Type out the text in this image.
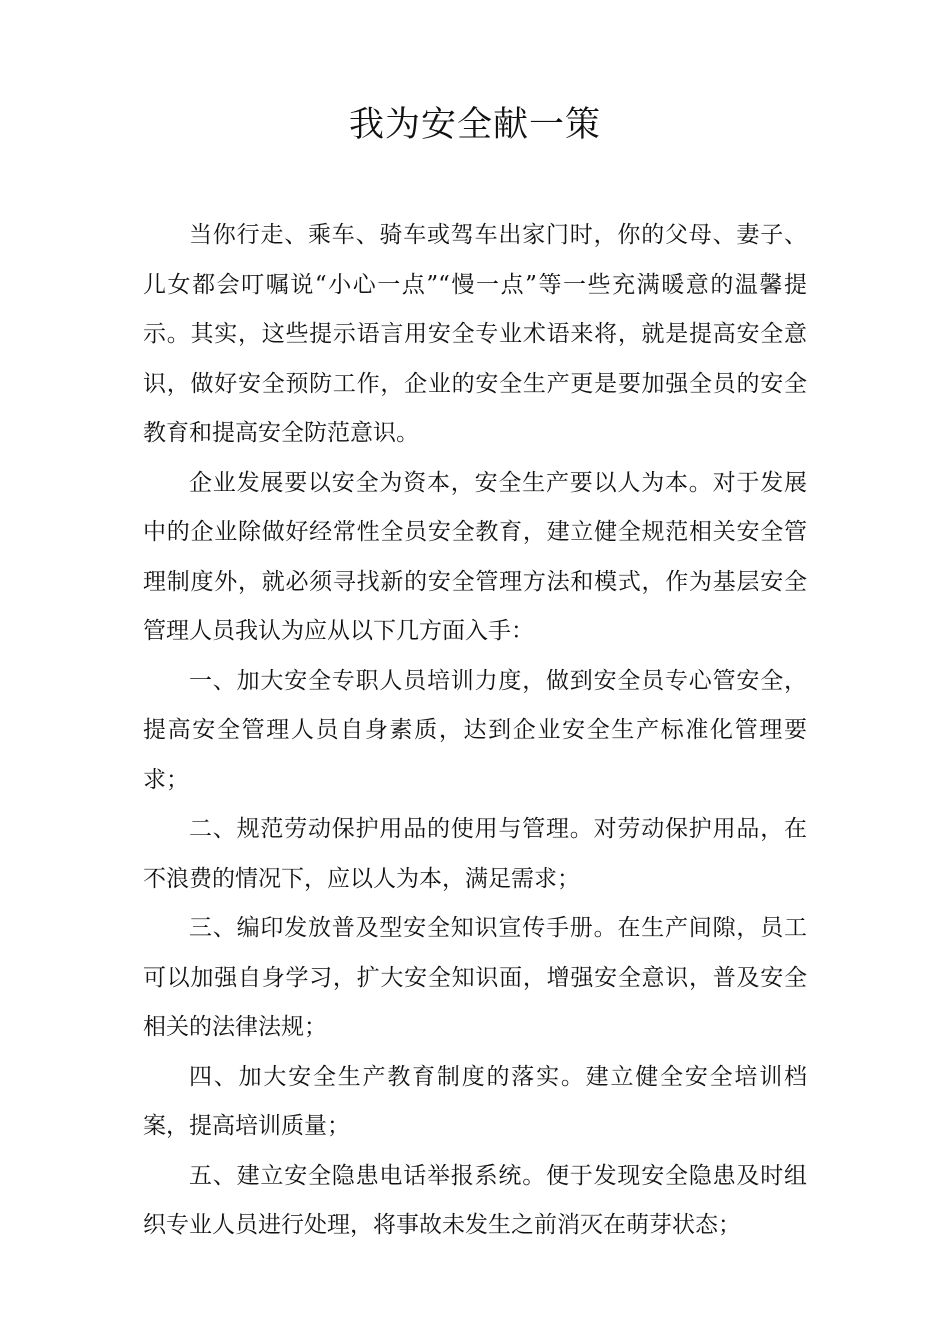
我为安全献一策

当你行走、乘车、骑车或驾车出家门时，你的父母、妻子、儿女都会叮嘱说“小心一点”“慢一点”等一些充满暖意的温馨提示。其实，这些提示语言用安全专业术语来将，就是提高安全意识，做好安全预防工作，企业的安全生产更是要加强全员的安全教育和提高安全防范意识。

企业发展要以安全为资本，安全生产要以人为本。对于发展中的企业除做好经常性全员安全教育，建立健全规范相关安全管理制度外，就必须寻找新的安全管理方法和模式，作为基层安全管理人员我认为应从以下几方面入手：

一、加大安全专职人员培训力度，做到安全员专心管安全，提高安全管理人员自身素质，达到企业安全生产标准化管理要求；

二、规范劳动保护用品的使用与管理。对劳动保护用品，在不浪费的情况下，应以人为本，满足需求；

三、编印发放普及型安全知识宣传手册。在生产间隙，员工可以加强自身学习，扩大安全知识面，增强安全意识，普及安全相关的法律法规；

四、加大安全生产教育制度的落实。建立健全安全培训档案，提高培训质量；

五、建立安全隐患电话举报系统。便于发现安全隐患及时组织专业人员进行处理，将事故未发生之前消灭在萌芽状态；
